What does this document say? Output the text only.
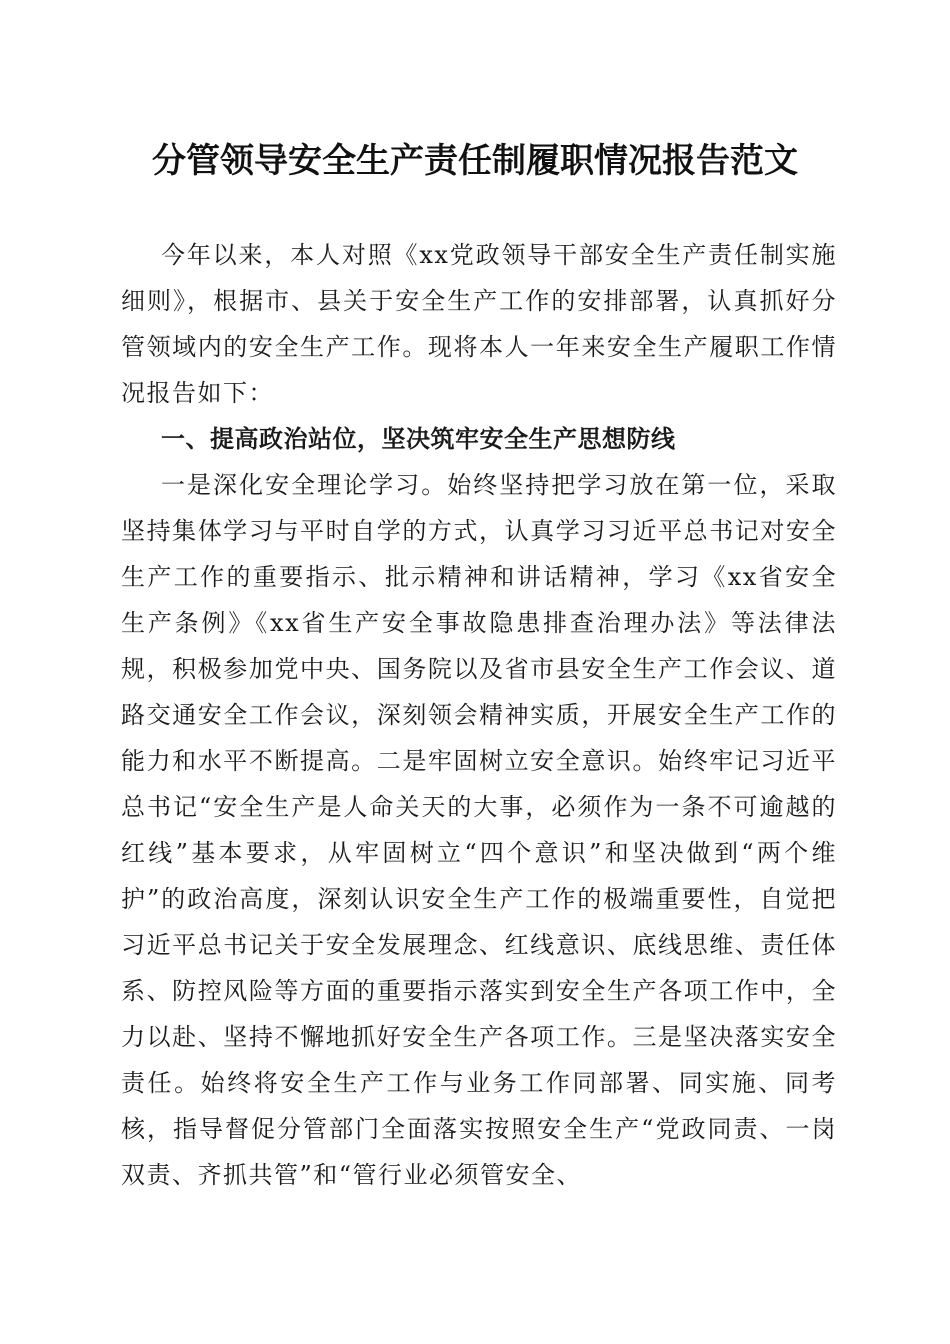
分管领导安全生产责任制履职情况报告范文

今年以来，本人对照《xx党政领导干部安全生产责任制实施细则》，根据市、县关于安全生产工作的安排部署，认真抓好分管领域内的安全生产工作。现将本人一年来安全生产履职工作情况报告如下：

一、提高政治站位，坚决筑牢安全生产思想防线

一是深化安全理论学习。始终坚持把学习放在第一位，采取坚持集体学习与平时自学的方式，认真学习习近平总书记对安全生产工作的重要指示、批示精神和讲话精神，学习《xx省安全生产条例》《xx省生产安全事故隐患排查治理办法》等法律法规，积极参加党中央、国务院以及省市县安全生产工作会议、道路交通安全工作会议，深刻领会精神实质，开展安全生产工作的能力和水平不断提高。二是牢固树立安全意识。始终牢记习近平总书记“安全生产是人命关天的大事，必须作为一条不可逾越的红线”基本要求，从牢固树立“四个意识”和坚决做到“两个维护”的政治高度，深刻认识安全生产工作的极端重要性，自觉把习近平总书记关于安全发展理念、红线意识、底线思维、责任体系、防控风险等方面的重要指示落实到安全生产各项工作中，全力以赴、坚持不懈地抓好安全生产各项工作。三是坚决落实安全责任。始终将安全生产工作与业务工作同部署、同实施、同考核，指导督促分管部门全面落实按照安全生产“党政同责、一岗双责、齐抓共管”和“管行业必须管安全、
